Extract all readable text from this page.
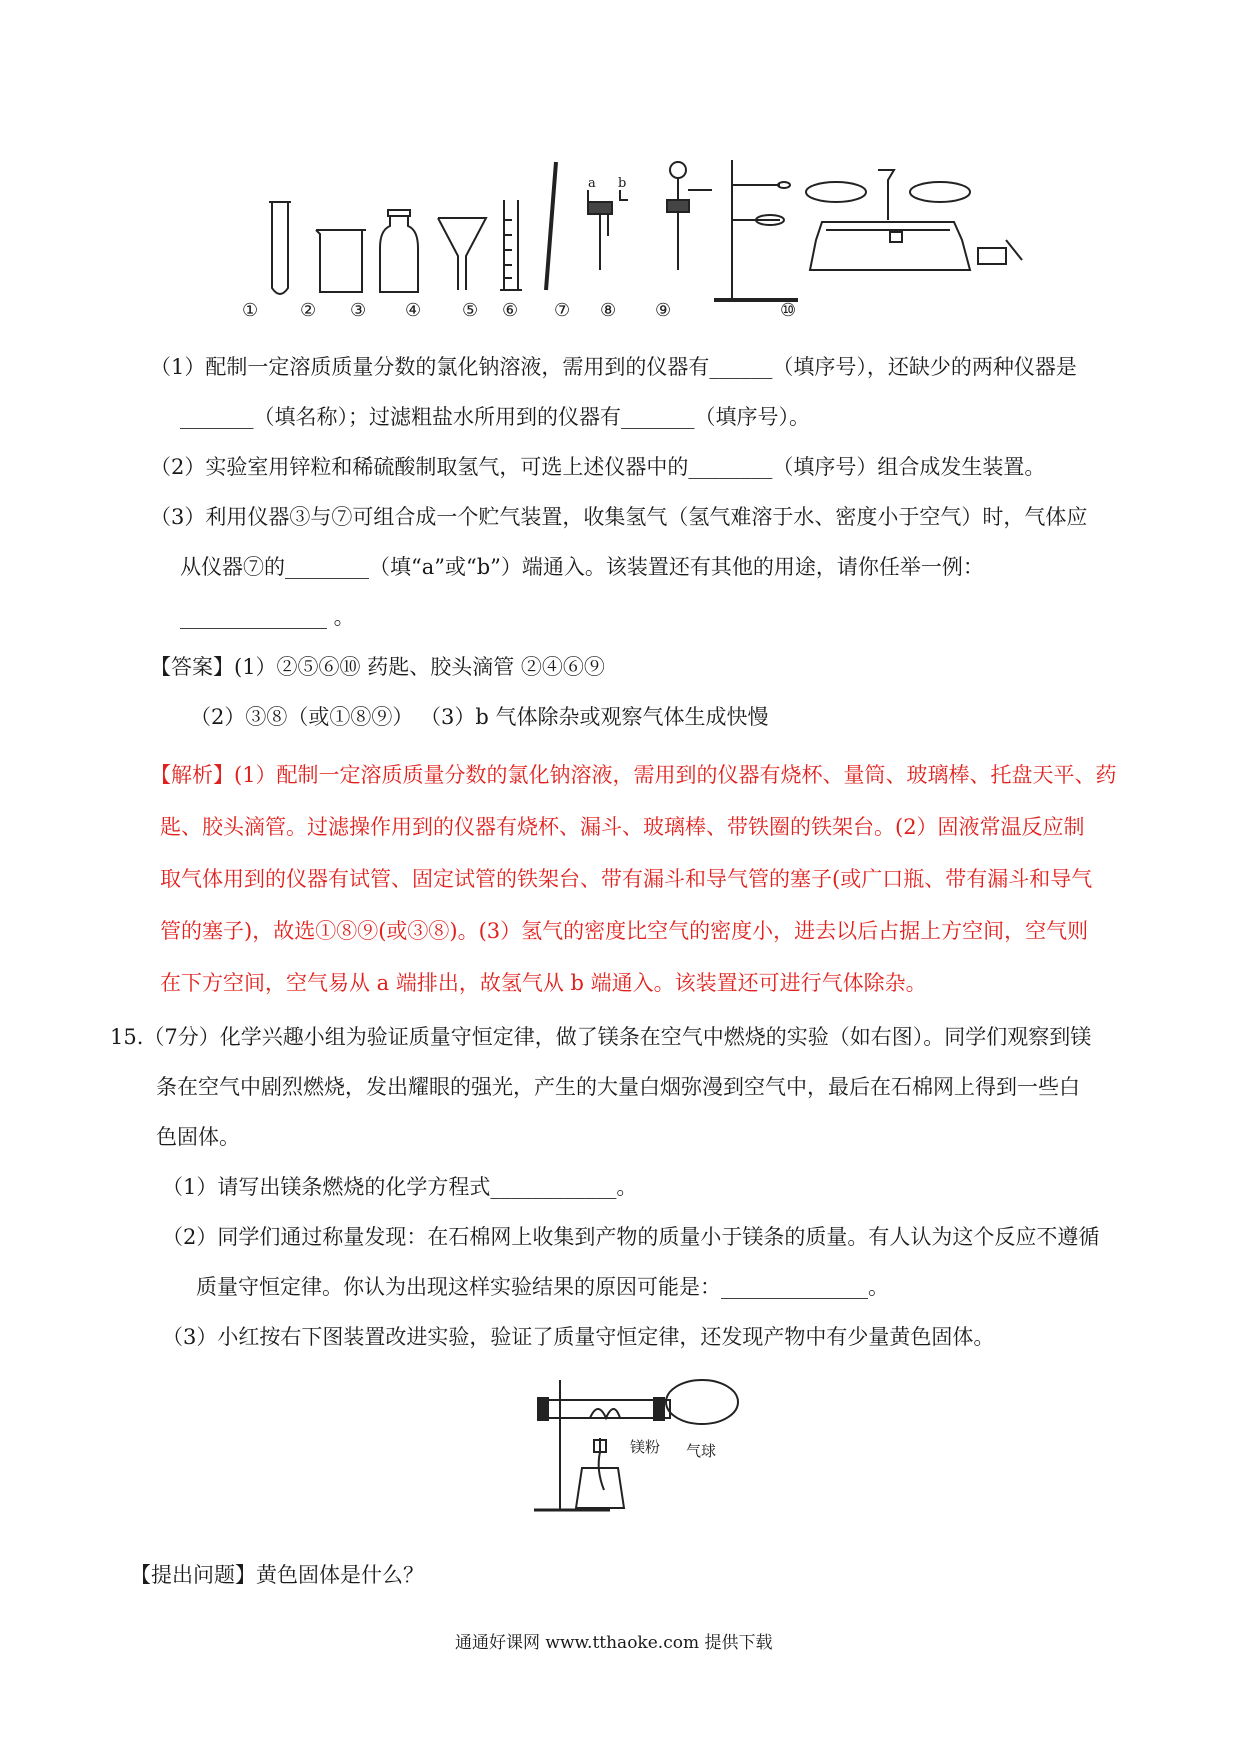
① ② ③ ④ ⑤ ⑥ ⑦ ⑧ ⑨	⑩
a b
（1）配制一定溶质质量分数的氯化钠溶液，需用到的仪器有______（填序号），还缺少的两种仪器是
_______（填名称）；过滤粗盐水所用到的仪器有_______（填序号）。
（2）实验室用锌粒和稀硫酸制取氢气，可选上述仪器中的________（填序号）组合成发生装置。
（3）利用仪器③与⑦可组合成一个贮气装置，收集氢气（氢气难溶于水、密度小于空气）时，气体应
从仪器⑦的________（填“a”或“b”）端通入。该装置还有其他的用途，请你任举一例：
______________ 。
【答案】(1）②⑤⑥⑩ 药匙、胶头滴管 ②④⑥⑨
（2）③⑧（或①⑧⑨） （3）b 气体除杂或观察气体生成快慢
【解析】(1）配制一定溶质质量分数的氯化钠溶液，需用到的仪器有烧杯、量筒、玻璃棒、托盘天平、药
匙、胶头滴管。过滤操作用到的仪器有烧杯、漏斗、玻璃棒、带铁圈的铁架台。(2）固液常温反应制
取气体用到的仪器有试管、固定试管的铁架台、带有漏斗和导气管的塞子(或广口瓶、带有漏斗和导气
管的塞子)，故选①⑧⑨(或③⑧)。(3）氢气的密度比空气的密度小，进去以后占据上方空间，空气则
在下方空间，空气易从 a 端排出，故氢气从 b 端通入。该装置还可进行气体除杂。
15.（7分）化学兴趣小组为验证质量守恒定律，做了镁条在空气中燃烧的实验（如右图）。同学们观察到镁
条在空气中剧烈燃烧，发出耀眼的强光，产生的大量白烟弥漫到空气中，最后在石棉网上得到一些白
色固体。
（1）请写出镁条燃烧的化学方程式____________。
（2）同学们通过称量发现：在石棉网上收集到产物的质量小于镁条的质量。有人认为这个反应不遵循
质量守恒定律。你认为出现这样实验结果的原因可能是：______________。
（3）小红按右下图装置改进实验，验证了质量守恒定律，还发现产物中有少量黄色固体。
镁粉 气球
【提出问题】黄色固体是什么？
通通好课网 www.tthaoke.com 提供下载
